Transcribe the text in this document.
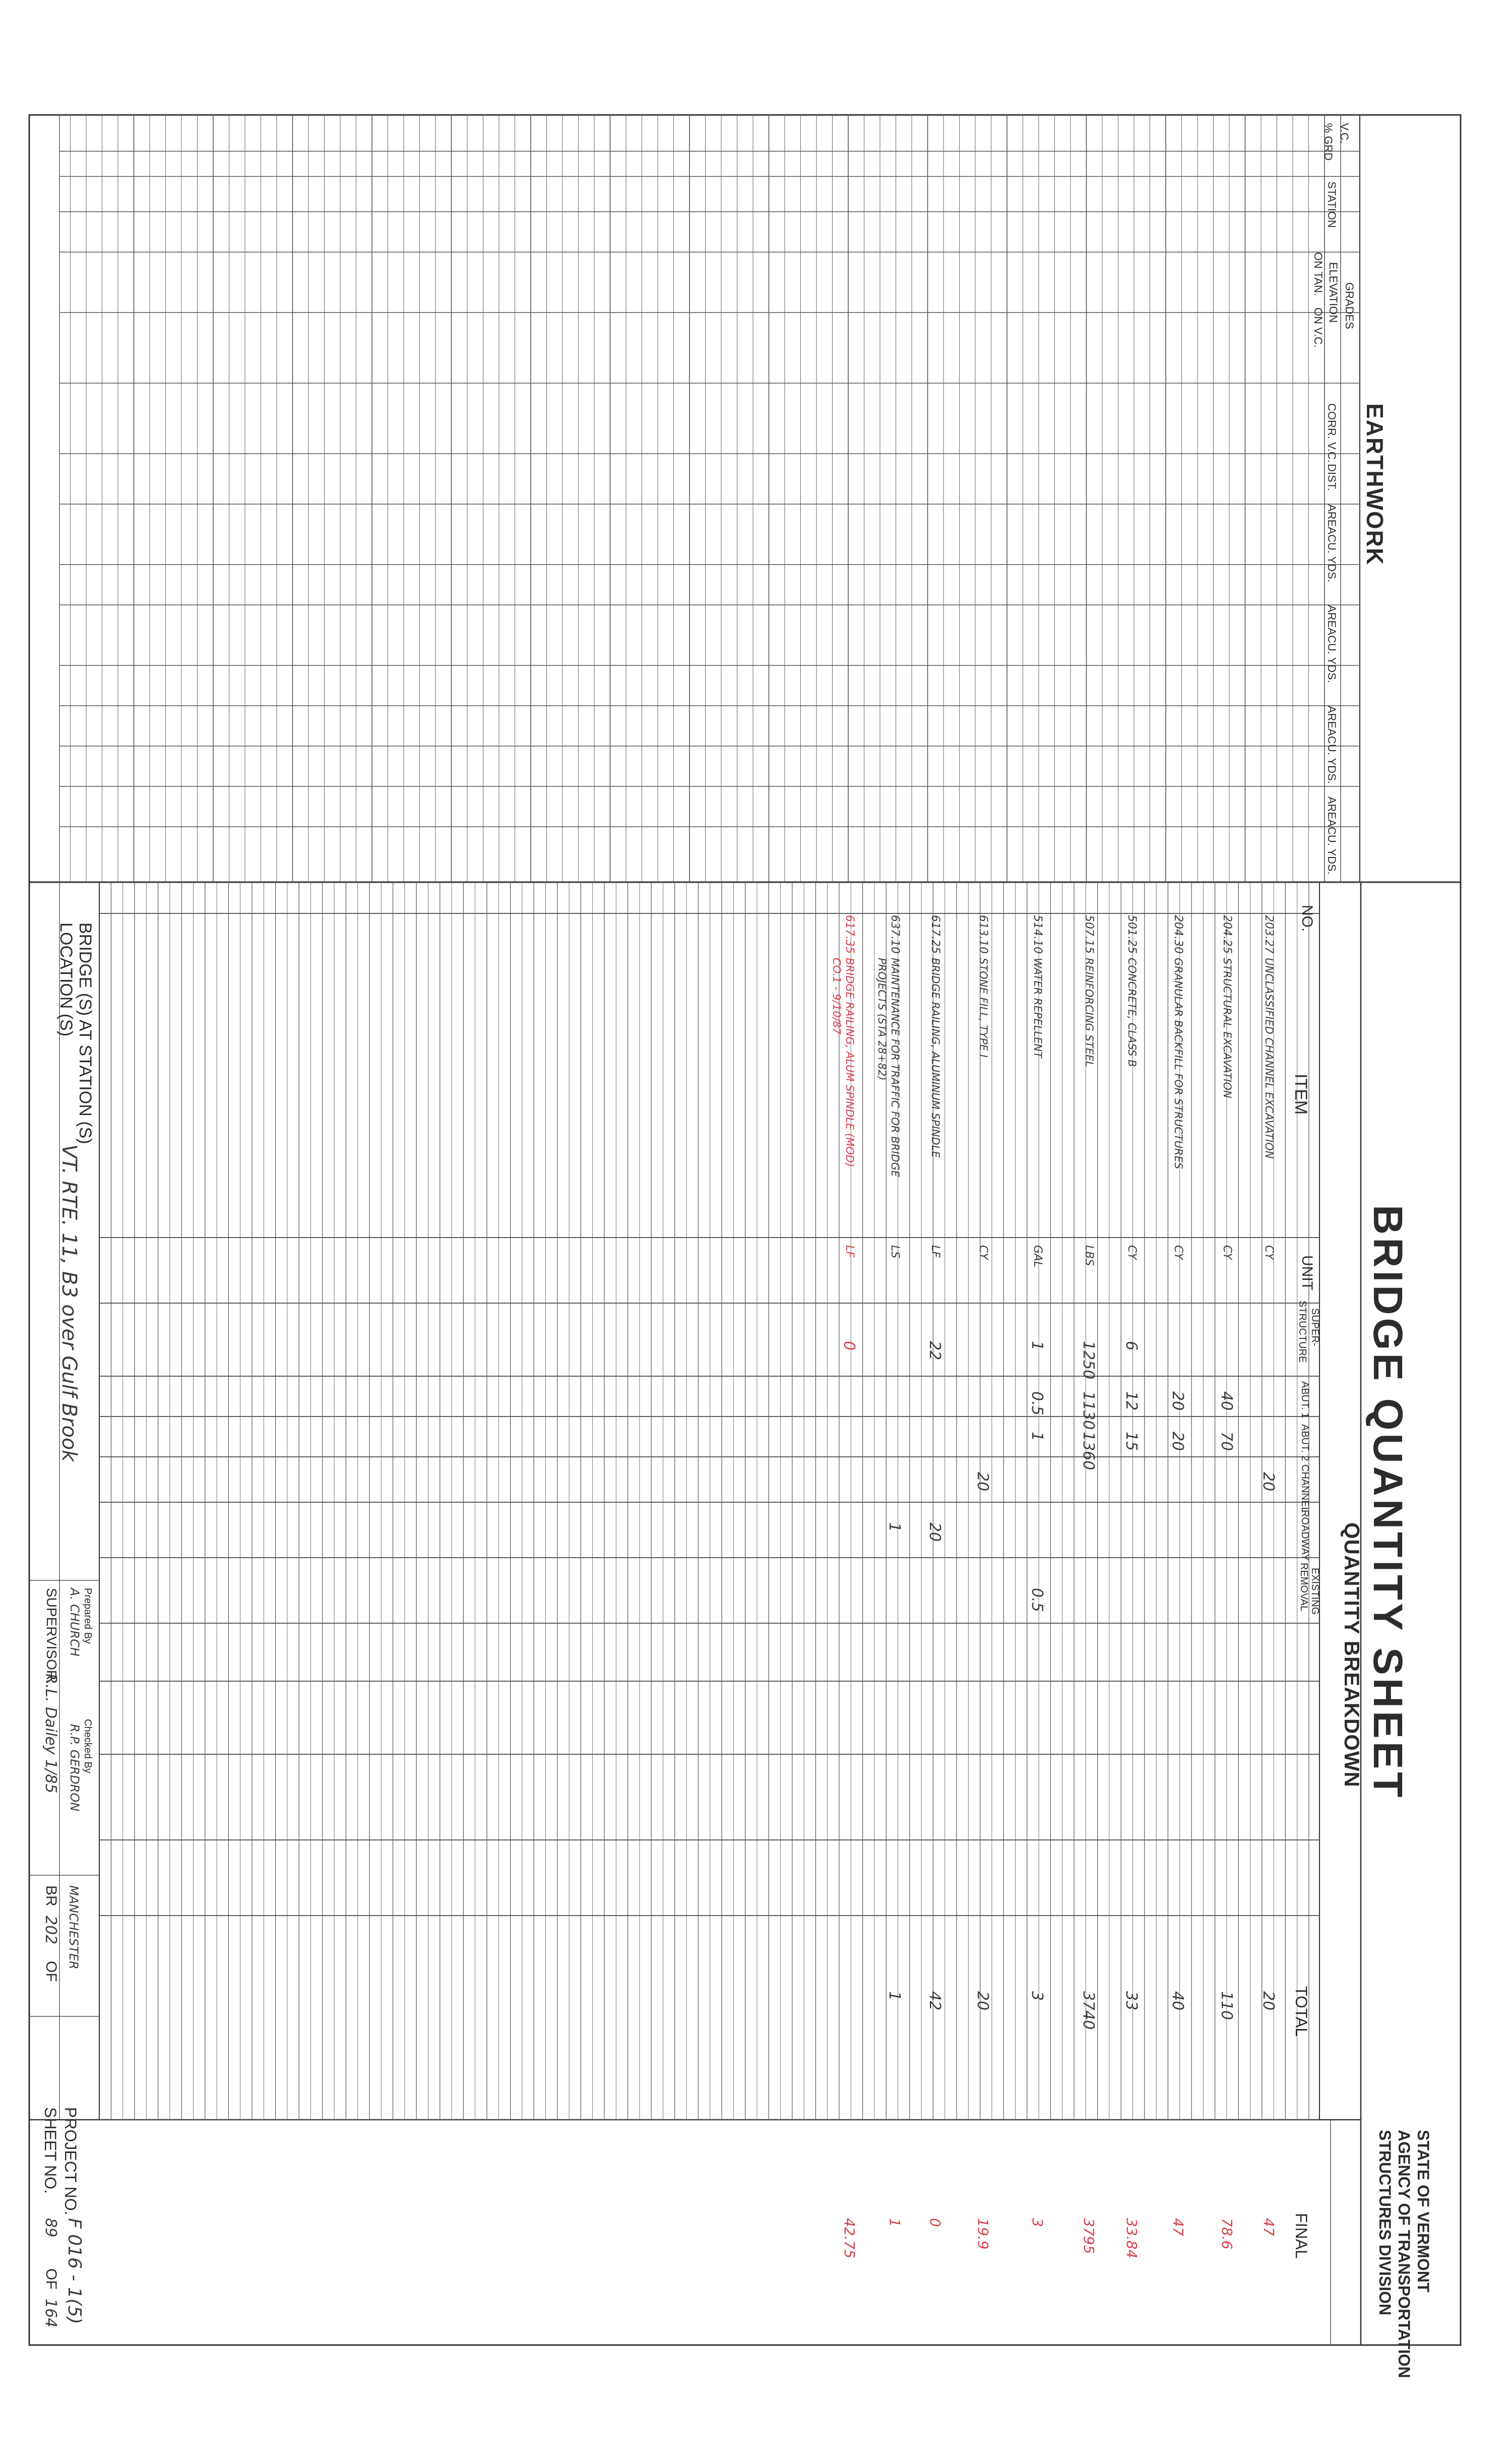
EARTHWORK
V.C.
% GRD
STATION
GRADES
ELEVATION
ON TAN.
ON V.C.
CORR. V.C.
DIST.
AREA
AREA
AREA
AREA
CU. YDS.
CU. YDS.
CU. YDS.
CU. YDS.
BRIDGE QUANTITY SHEET
QUANTITY BREAKDOWN
STATE OF VERMONT
AGENCY OF TRANSPORTATION
STRUCTURES DIVISION
NO.
ITEM
UNIT
SUPER-
STRUCTURE
ABUT. 1
ABUT. 2
CHANNEL
ROADWAY
EXISTING
REMOVAL
TOTAL
FINAL
203.27
UNCLASSIFIED CHANNEL EXCAVATION
CY
20
20
47
204.25
STRUCTURAL EXCAVATION
CY
40
70
110
78.6
204.30
GRANULAR BACKFILL FOR STRUCTURES
CY
20
20
40
47
501.25
CONCRETE, CLASS B
CY
6
12
15
33
33.84
507.15
REINFORCING STEEL
LBS
1250
1130
1360
3740
3795
514.10
WATER REPELLENT
GAL
1
0.5
1
0.5
3
3
613.10
STONE FILL, TYPE I
CY
20
20
19.9
617.25
BRIDGE RAILING, ALUMINUM SPINDLE
LF
22
20
42
0
637.10
MAINTENANCE FOR TRAFFIC FOR BRIDGE
PROJECTS (STA 28+82)
LS
1
1
1
617.35
BRIDGE RAILING, ALUM SPINDLE (MOD)
CO.1 - 9/10/87
LF
0
42.75
BRIDGE (S) AT STATION (S)
LOCATION (S)
VT. RTE. 11, B3 over Gulf Brook
Prepared By
A. CHURCH
Checked By
R.P. GERDRON
SUPERVISOR:
R.L. Dailey 1/85
MANCHESTER
BR
202
OF
PROJECT NO.
F 016 - 1(5)
SHEET NO.
89
OF
164
